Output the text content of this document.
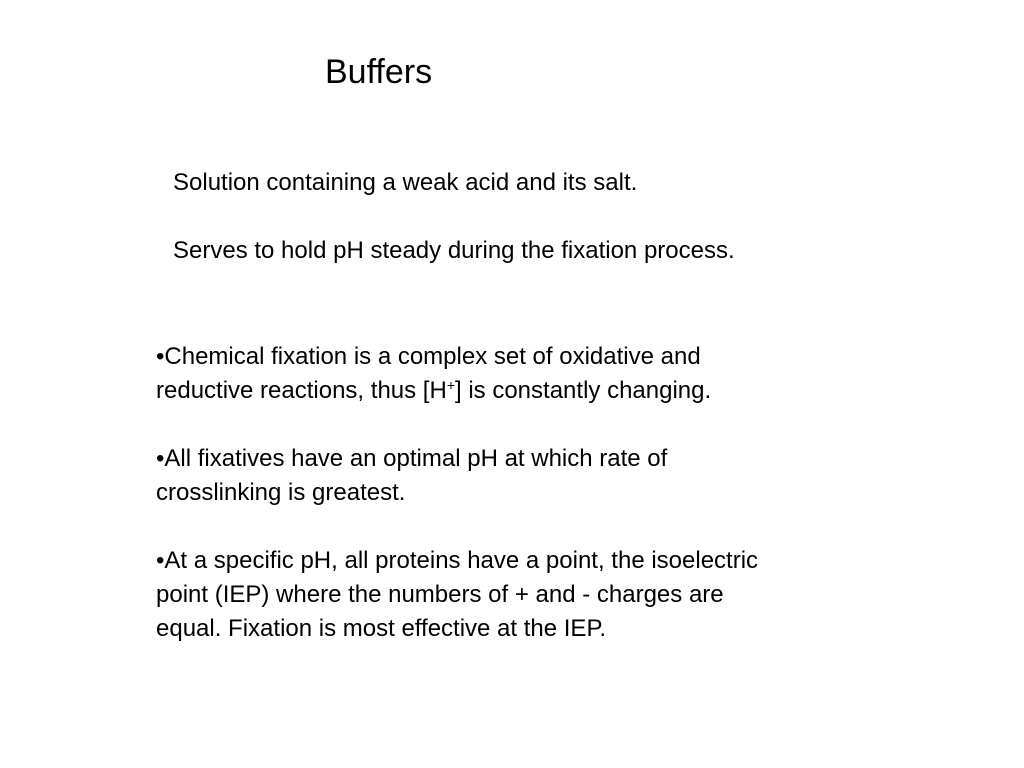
Buffers
Solution containing a weak acid and its salt.
Serves to hold pH steady during the fixation process.
•Chemical fixation is a complex set of oxidative and
reductive reactions, thus [H+] is constantly changing.
•All fixatives have an optimal pH at which rate of
crosslinking is greatest.
•At a specific pH, all proteins have a point, the isoelectric
point (IEP) where the numbers of + and - charges are
equal. Fixation is most effective at the IEP.
